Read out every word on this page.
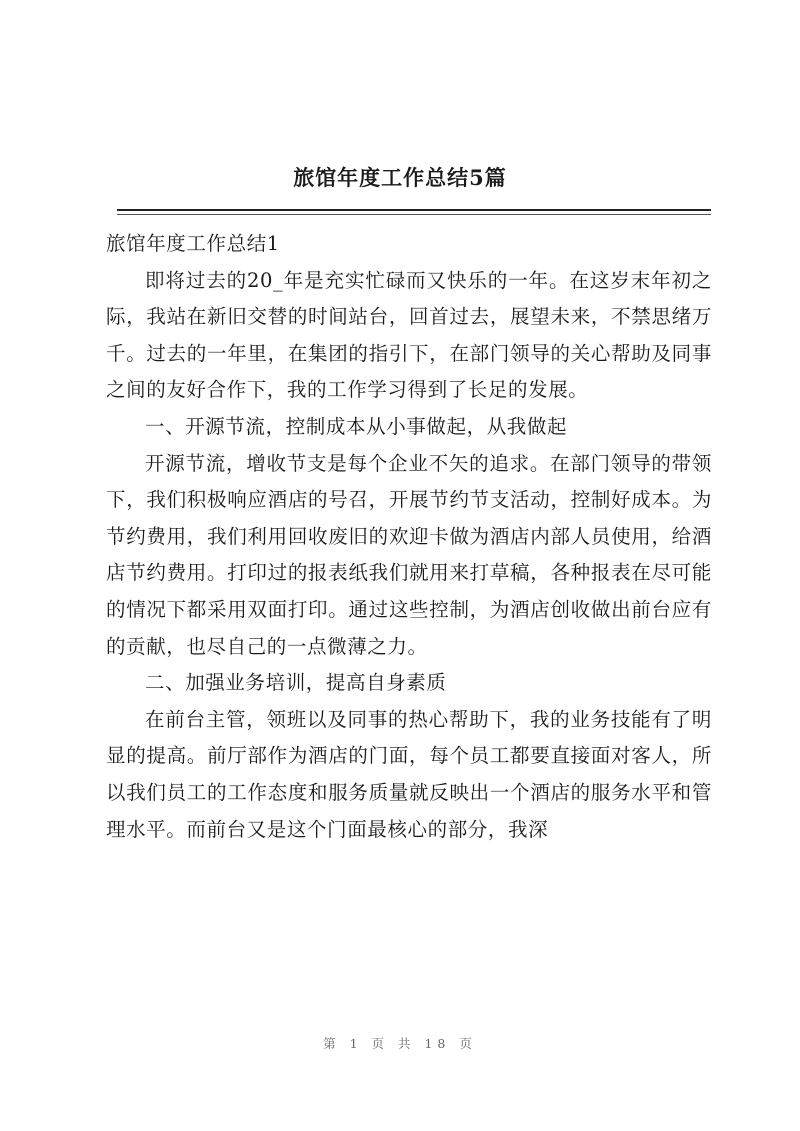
旅馆年度工作总结5篇

旅馆年度工作总结1

即将过去的20_年是充实忙碌而又快乐的一年。在这岁末年初之际，我站在新旧交替的时间站台，回首过去，展望未来，不禁思绪万千。过去的一年里，在集团的指引下，在部门领导的关心帮助及同事之间的友好合作下，我的工作学习得到了长足的发展。

一、开源节流，控制成本从小事做起，从我做起

开源节流，增收节支是每个企业不矢的追求。在部门领导的带领下，我们积极响应酒店的号召，开展节约节支活动，控制好成本。为节约费用，我们利用回收废旧的欢迎卡做为酒店内部人员使用，给酒店节约费用。打印过的报表纸我们就用来打草稿，各种报表在尽可能的情况下都采用双面打印。通过这些控制，为酒店创收做出前台应有的贡献，也尽自己的一点微薄之力。

二、加强业务培训，提高自身素质

在前台主管，领班以及同事的热心帮助下，我的业务技能有了明显的提高。前厅部作为酒店的门面，每个员工都要直接面对客人，所以我们员工的工作态度和服务质量就反映出一个酒店的服务水平和管理水平。而前台又是这个门面最核心的部分，我深

第 1 页 共 18 页
